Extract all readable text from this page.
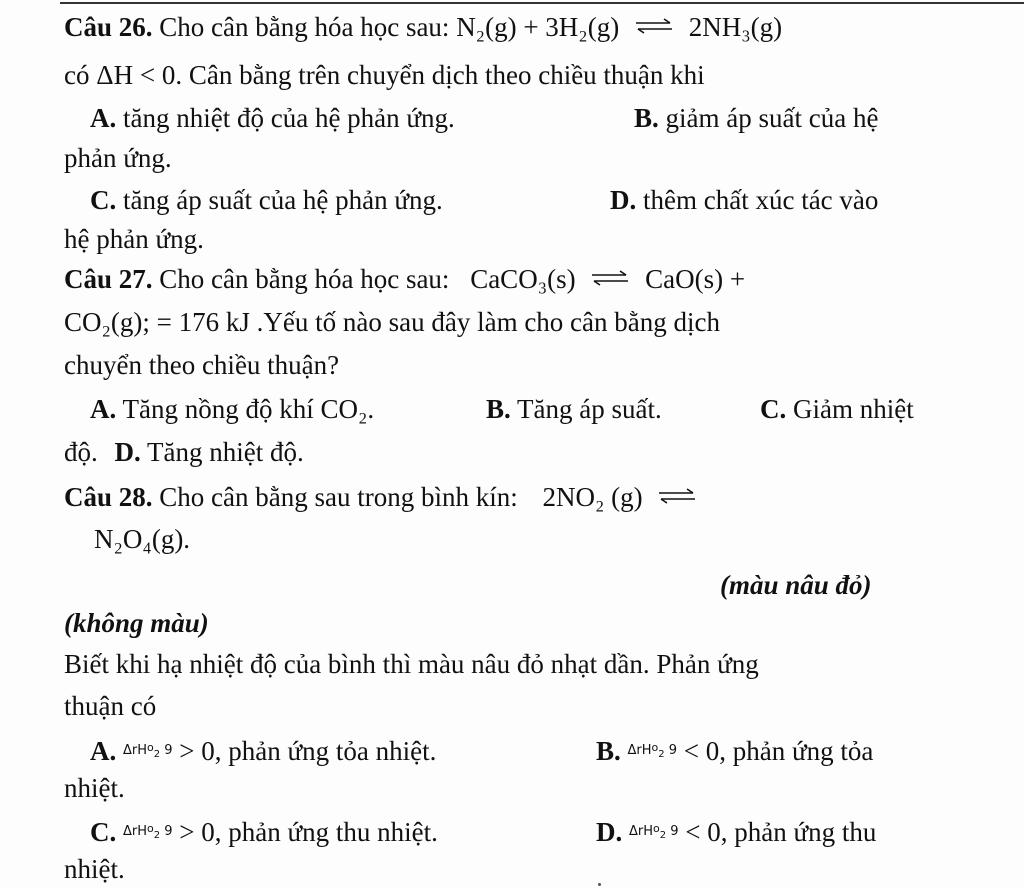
Câu 26. Cho cân bằng hóa học sau: N₂(g) + 3H₂(g) ⇌ 2NH₃(g)
có ΔH < 0. Cân bằng trên chuyển dịch theo chiều thuận khi
A. tăng nhiệt độ của hệ phản ứng.	B. giảm áp suất của hệ
phản ứng.
C. tăng áp suất của hệ phản ứng.	D. thêm chất xúc tác vào
hệ phản ứng.
Câu 27. Cho cân bằng hóa học sau: CaCO₃(s) ⇌ CaO(s) +
CO₂(g); = 176 kJ .Yếu tố nào sau đây làm cho cân bằng dịch
chuyển theo chiều thuận?
A. Tăng nồng độ khí CO₂.	B. Tăng áp suất.	C. Giảm nhiệt
độ. D. Tăng nhiệt độ.
Câu 28. Cho cân bằng sau trong bình kín: 2NO₂ (g) ⇌
N₂O₄(g).
(màu nâu đỏ)
(không màu)
Biết khi hạ nhiệt độ của bình thì màu nâu đỏ nhạt dần. Phản ứng
thuận có
A. ΔrH$^o_2$ 9 > 0, phản ứng tỏa nhiệt.	B. ΔrH$^o_2$ 9 < 0, phản ứng tỏa
nhiệt.
C. ΔrH$^o_2$ 9 > 0, phản ứng thu nhiệt.	D. ΔrH$^o_2$ 9 < 0, phản ứng thu
nhiệt.
